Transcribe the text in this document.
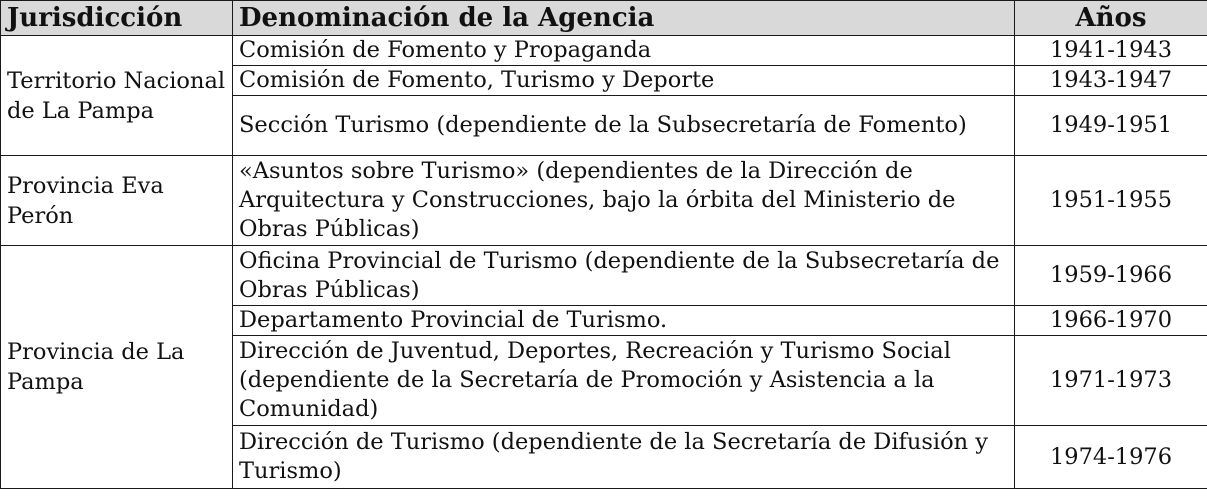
Jurisdicción	Denominación de la Agencia	Años
Territorio Nacional de La Pampa	Comisión de Fomento y Propaganda	1941-1943
	Comisión de Fomento, Turismo y Deporte	1943-1947
	Sección Turismo (dependiente de la Subsecretaría de Fomento)	1949-1951
Provincia Eva Perón	«Asuntos sobre Turismo» (dependientes de la Dirección de Arquitectura y Construcciones, bajo la órbita del Ministerio de Obras Públicas)	1951-1955
Provincia de La Pampa	Oficina Provincial de Turismo (dependiente de la Subsecretaría de Obras Públicas)	1959-1966
	Departamento Provincial de Turismo.	1966-1970
	Dirección de Juventud, Deportes, Recreación y Turismo Social (dependiente de la Secretaría de Promoción y Asistencia a la Comunidad)	1971-1973
	Dirección de Turismo (dependiente de la Secretaría de Difusión y Turismo)	1974-1976
